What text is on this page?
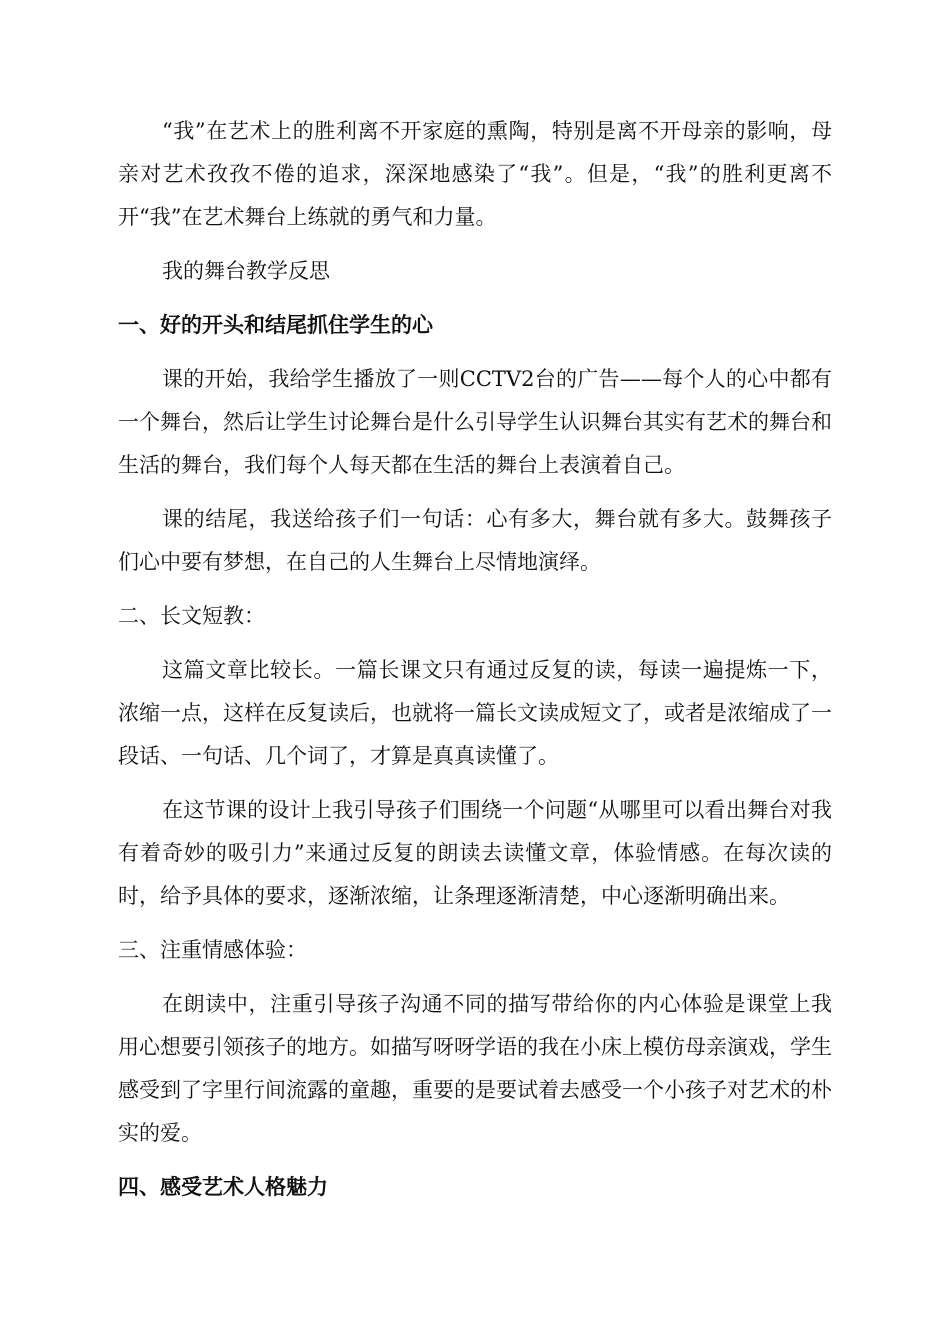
“我”在艺术上的胜利离不开家庭的熏陶，特别是离不开母亲的影响，母亲对艺术孜孜不倦的追求，深深地感染了“我”。但是，“我”的胜利更离不开“我”在艺术舞台上练就的勇气和力量。

我的舞台教学反思

一、好的开头和结尾抓住学生的心

课的开始，我给学生播放了一则CCTV2台的广告——每个人的心中都有一个舞台，然后让学生讨论舞台是什么引导学生认识舞台其实有艺术的舞台和生活的舞台，我们每个人每天都在生活的舞台上表演着自己。

课的结尾，我送给孩子们一句话：心有多大，舞台就有多大。鼓舞孩子们心中要有梦想，在自己的人生舞台上尽情地演绎。

二、长文短教：

这篇文章比较长。一篇长课文只有通过反复的读，每读一遍提炼一下，浓缩一点，这样在反复读后，也就将一篇长文读成短文了，或者是浓缩成了一段话、一句话、几个词了，才算是真真读懂了。

在这节课的设计上我引导孩子们围绕一个问题“从哪里可以看出舞台对我有着奇妙的吸引力”来通过反复的朗读去读懂文章，体验情感。在每次读的时，给予具体的要求，逐渐浓缩，让条理逐渐清楚，中心逐渐明确出来。

三、注重情感体验：

在朗读中，注重引导孩子沟通不同的描写带给你的内心体验是课堂上我用心想要引领孩子的地方。如描写呀呀学语的我在小床上模仿母亲演戏，学生感受到了字里行间流露的童趣，重要的是要试着去感受一个小孩子对艺术的朴实的爱。

四、感受艺术人格魅力
